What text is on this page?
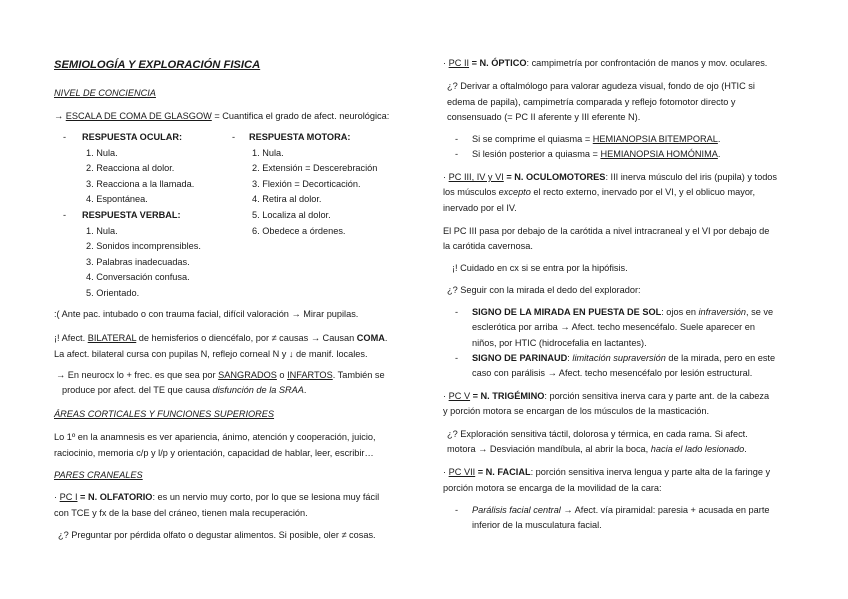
SEMIOLOGÍA Y EXPLORACIÓN FISICA
NIVEL DE CONCIENCIA
→ ESCALA DE COMA DE GLASGOW = Cuantifica el grado de afect. neurológica:
- RESPUESTA OCULAR:
1. Nula.
2. Reacciona al dolor.
3. Reacciona a la llamada.
4. Espontánea.
- RESPUESTA VERBAL:
1. Nula.
2. Sonidos incomprensibles.
3. Palabras inadecuadas.
4. Conversación confusa.
5. Orientado.
- RESPUESTA MOTORA:
1. Nula.
2. Extensión = Descerebración
3. Flexión = Decorticación.
4. Retira al dolor.
5. Localiza al dolor.
6. Obedece a órdenes.
:( Ante pac. intubado o con trauma facial, difícil valoración → Mirar pupilas.
¡! Afect. BILATERAL de hemisferios o diencéfalo, por ≠ causas → Causan COMA.
La afect. bilateral cursa con pupilas N, reflejo corneal N y ↓ de manif. locales.
→ En neurocx lo + frec. es que sea por SANGRADOS o INFARTOS. También se
produce por afect. del TE que causa disfunción de la SRAA.
ÁREAS CORTICALES Y FUNCIONES SUPERIORES
Lo 1º en la anamnesis es ver apariencia, ánimo, atención y cooperación, juicio,
raciocinio, memoria c/p y l/p y orientación, capacidad de hablar, leer, escribir…
PARES CRANEALES
· PC I = N. OLFATORIO: es un nervio muy corto, por lo que se lesiona muy fácil
con TCE y fx de la base del cráneo, tienen mala recuperación.
¿? Preguntar por pérdida olfato o degustar alimentos. Si posible, oler ≠ cosas.
· PC II = N. ÓPTICO: campimetría por confrontación de manos y mov. oculares.
¿? Derivar a oftalmólogo para valorar agudeza visual, fondo de ojo (HTIC si
edema de papila), campimetría comparada y reflejo fotomotor directo y
consensuado (= PC II aferente y III eferente N).
- Si se comprime el quiasma = HEMIANOPSIA BITEMPORAL.
- Si lesión posterior a quiasma = HEMIANOPSIA HOMÓNIMA.
· PC III, IV y VI = N. OCULOMOTORES: III inerva músculo del iris (pupila) y todos
los músculos excepto el recto externo, inervado por el VI, y el oblicuo mayor,
inervado por el IV.
El PC III pasa por debajo de la carótida a nivel intracraneal y el VI por debajo de
la carótida cavernosa.
¡! Cuidado en cx si se entra por la hipófisis.
¿? Seguir con la mirada el dedo del explorador:
- SIGNO DE LA MIRADA EN PUESTA DE SOL: ojos en infraversión, se ve
esclerótica por arriba → Afect. techo mesencéfalo. Suele aparecer en
niños, por HTIC (hidrocefalia en lactantes).
- SIGNO DE PARINAUD: limitación supraversión de la mirada, pero en este
caso con parálisis → Afect. techo mesencéfalo por lesión estructural.
· PC V = N. TRIGÉMINO: porción sensitiva inerva cara y parte ant. de la cabeza
y porción motora se encargan de los músculos de la masticación.
¿? Exploración sensitiva táctil, dolorosa y térmica, en cada rama. Si afect.
motora → Desviación mandíbula, al abrir la boca, hacia el lado lesionado.
· PC VII = N. FACIAL: porción sensitiva inerva lengua y parte alta de la faringe y
porción motora se encarga de la movilidad de la cara:
- Parálisis facial central → Afect. vía piramidal: paresia + acusada en parte
inferior de la musculatura facial.
